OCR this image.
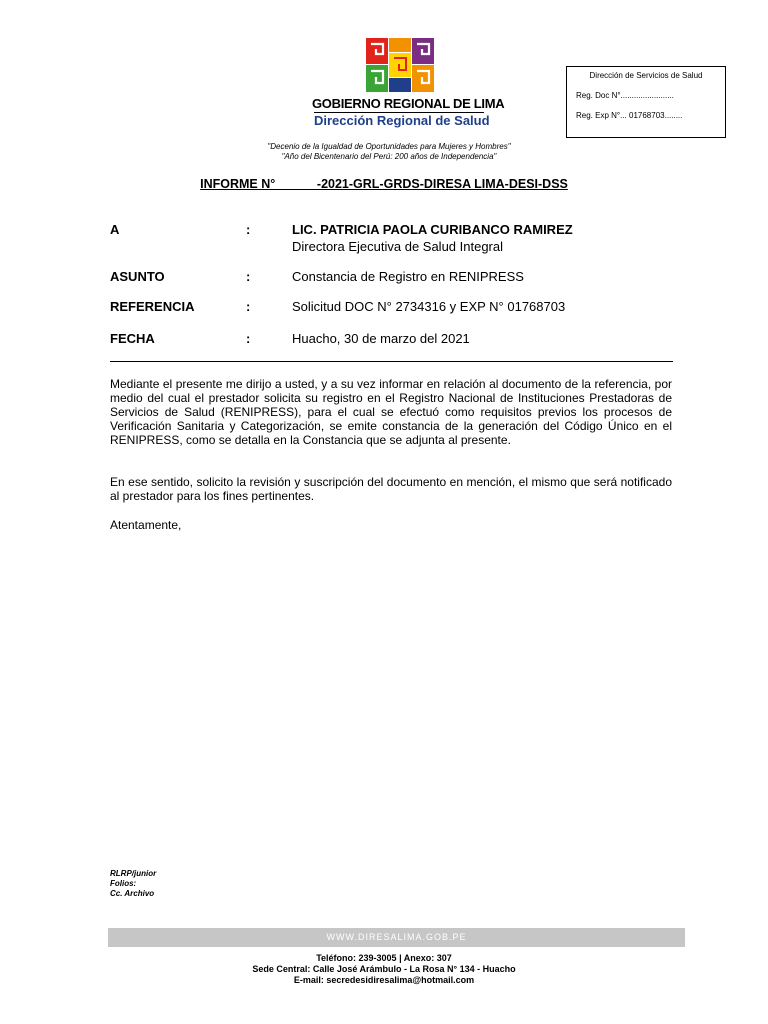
GOBIERNO REGIONAL DE LIMA
Dirección Regional de Salud
Dirección de Servicios de Salud
Reg. Doc N°........................
Reg. Exp N°... 01768703........
"Decenio de la Igualdad de Oportunidades para Mujeres y Hombres"
"Año del Bicentenario del Perú: 200 años de Independencia"
INFORME N°            -2021-GRL-GRDS-DIRESA LIMA-DESI-DSS
A	:	LIC. PATRICIA PAOLA CURIBANCO RAMIREZ
Directora Ejecutiva de Salud Integral
ASUNTO	:	Constancia de Registro en RENIPRESS
REFERENCIA	:	Solicitud DOC N° 2734316 y EXP N° 01768703
FECHA	:	Huacho, 30 de marzo del 2021
Mediante el presente me dirijo a usted, y a su vez informar en relación al documento de la referencia, por medio del cual el prestador solicita su registro en el Registro Nacional de Instituciones Prestadoras de Servicios de Salud (RENIPRESS), para el cual se efectuó como requisitos previos los procesos de Verificación Sanitaria y Categorización, se emite constancia de la generación del Código Único en el RENIPRESS, como se detalla en la Constancia que se adjunta al presente.
En ese sentido, solicito la revisión y suscripción del documento en mención, el mismo que será notificado al prestador para los fines pertinentes.
Atentamente,
RLRP/junior
Folios:
Cc. Archivo
WWW.DIRESALIMA.GOB.PE
Teléfono: 239-3005 | Anexo: 307
Sede Central: Calle José Arámbulo - La Rosa N° 134 - Huacho
E-mail: secredesidiresalima@hotmail.com
